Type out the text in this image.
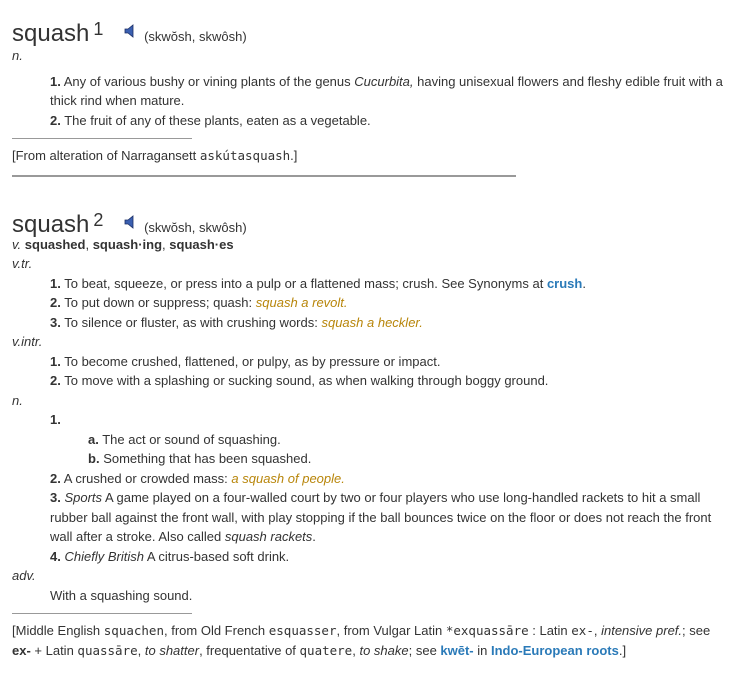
squash $^1$	(skwŏsh, skwôsh)
n.
1. Any of various bushy or vining plants of the genus Cucurbita, having unisexual flowers and fleshy edible fruit with a thick rind when mature.
2. The fruit of any of these plants, eaten as a vegetable.
[From alteration of Narragansett askútasquash.]
squash $^2$	(skwŏsh, skwôsh)
v. squashed, squash·ing, squash·es
v.tr.
1. To beat, squeeze, or press into a pulp or a flattened mass; crush. See Synonyms at crush.
2. To put down or suppress; quash: squash a revolt.
3. To silence or fluster, as with crushing words: squash a heckler.
v.intr.
1. To become crushed, flattened, or pulpy, as by pressure or impact.
2. To move with a splashing or sucking sound, as when walking through boggy ground.
n.
1.
a. The act or sound of squashing.
b. Something that has been squashed.
2. A crushed or crowded mass: a squash of people.
3. Sports A game played on a four-walled court by two or four players who use long-handled rackets to hit a small rubber ball against the front wall, with play stopping if the ball bounces twice on the floor or does not reach the front wall after a stroke. Also called squash rackets.
4. Chiefly British A citrus-based soft drink.
adv.
With a squashing sound.
[Middle English squachen, from Old French esquasser, from Vulgar Latin *exquassāre : Latin ex-, intensive pref.; see ex- + Latin quassāre, to shatter, frequentative of quatere, to shake; see kwēt- in Indo-European roots.]
